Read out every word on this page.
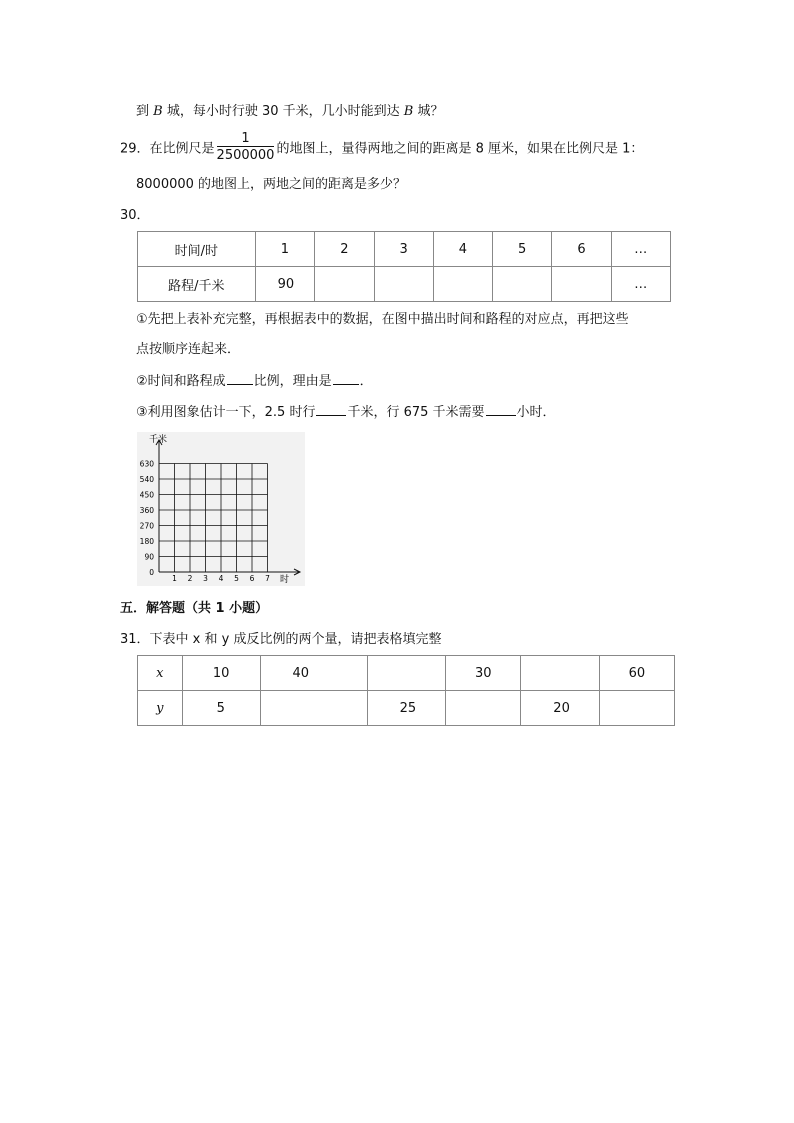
到 B 城，每小时行驶 30 千米，几小时能到达 B 城？
29．在比例尺是 $\frac{1}{2500000}$ 的地图上，量得两地之间的距离是 8 厘米，如果在比例尺是 1：
8000000 的地图上，两地之间的距离是多少？
30．
时间/时	1	2	3	4	5	6	…
路程/千米	90						…
①先把上表补充完整，再根据表中的数据，在图中描出时间和路程的对应点，再把这些
点按顺序连起来．
②时间和路程成 比例，理由是 ．
③利用图象估计一下，2.5 时行 千米，行 675 千米需要 小时．
千米
时
0
90
180
270
360
450
540
630
1 2 3 4 5 6 7
五．解答题（共 1 小题）
31．下表中 x 和 y 成反比例的两个量，请把表格填完整
x	10	40		30		60
y	5		25		20	
